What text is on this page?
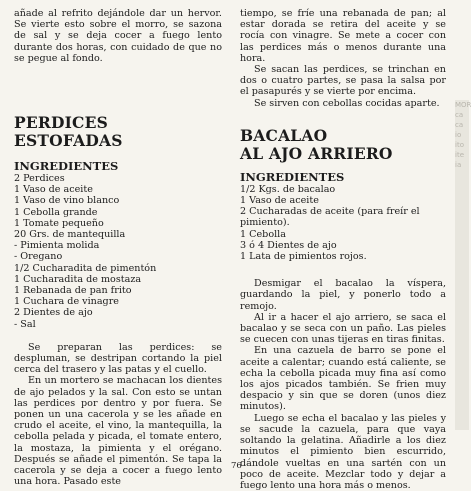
añade al refrito dejándole dar un hervor. Se vierte esto sobre el morro, se sazona de sal y se deja cocer a fuego lento durante dos horas, con cuidado de que no se pegue al fondo.

PERDICES ESTOFADAS
INGREDIENTES
2 Perdices
1 Vaso de aceite
1 Vaso de vino blanco
1 Cebolla grande
1 Tomate pequeño
20 Grs. de mantequilla
- Pimienta molida
- Oregano
1/2 Cucharadita de pimentón
1 Cucharadita de mostaza
1 Rebanada de pan frito
1 Cuchara de vinagre
2 Dientes de ajo
- Sal

Se preparan las perdices: se despluman, se destripan cortando la piel cerca del trasero y las patas y el cuello.

En un mortero se machacan los dientes de ajo pelados y la sal. Con esto se untan las perdices por dentro y por fuera. Se ponen un una cacerola y se les añade en crudo el aceite, el vino, la mantequilla, la cebolla pelada y picada, el tomate entero, la mostaza, la pimienta y el orégano. Después se añade el pimentón. Se tapa la cacerola y se deja a cocer a fuego lento una hora. Pasado este

tiempo, se fríe una rebanada de pan; al estar dorada se retira del aceite y se rocía con vinagre. Se mete a cocer con las perdices más o menos durante una hora.

Se sacan las perdices, se trinchan en dos o cuatro partes, se pasa la salsa por el pasapurés y se vierte por encima.

Se sirven con cebollas cocidas aparte.

BACALAO
AL AJO ARRIERO
INGREDIENTES
1/2 Kgs. de bacalao
1 Vaso de aceite
2 Cucharadas de aceite (para freír el pimiento).
1 Cebolla
3 ó 4 Dientes de ajo
1 Lata de pimientos rojos.

Desmigar el bacalao la víspera, guardando la piel, y ponerlo todo a remojo.

Al ir a hacer el ajo arriero, se saca el bacalao y se seca con un paño. Las pieles se cuecen con unas tijeras en tiras finitas.

En una cazuela de barro se pone el aceite a calentar; cuando está caliente, se echa la cebolla picada muy fina así como los ajos picados también. Se frien muy despacio y sin que se doren (unos diez minutos).

Luego se echa el bacalao y las pieles y se sacude la cazuela, para que vaya soltando la gelatina. Añadirle a los diez minutos el pimiento bien escurrido, dándole vueltas en una sartén con un poco de aceite. Mezclar todo y dejar a fuego lento una hora más o menos.

76
MOR
ca
ca
io
ito
ite
ia
